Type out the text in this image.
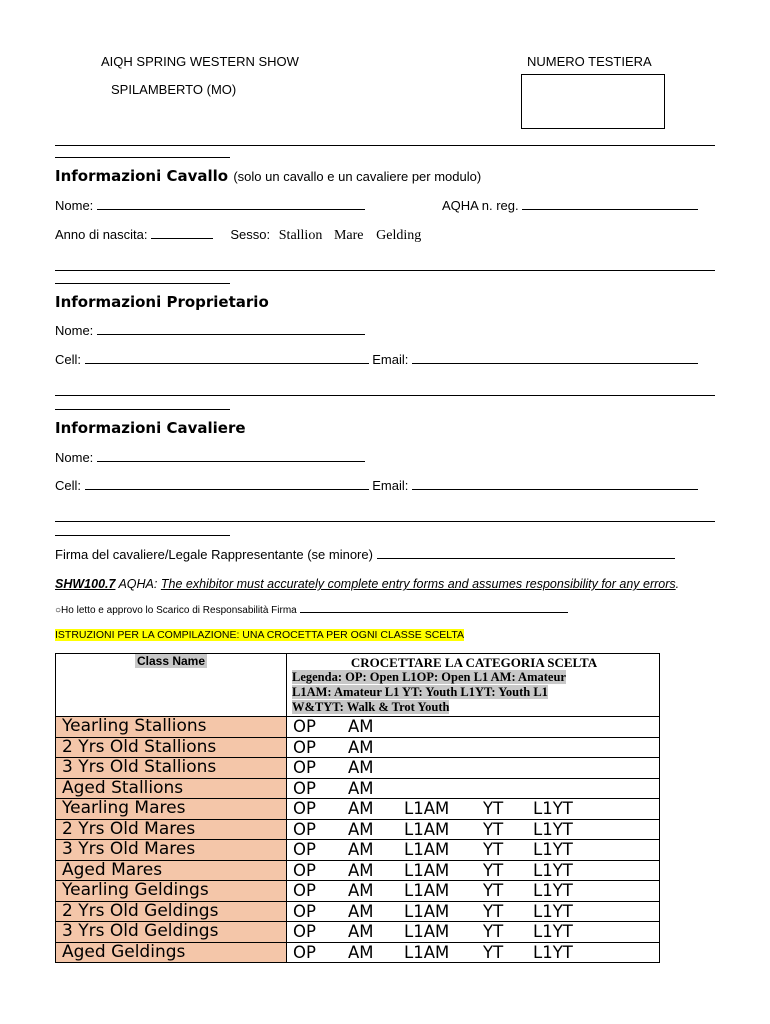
AIQH SPRING WESTERN SHOW
SPILAMBERTO (MO)
NUMERO TESTIERA
Informazioni Cavallo (solo un cavallo e un cavaliere per modulo)
Nome:	AQHA n. reg.
Anno di nascita:	Sesso: Stallion Mare Gelding
Informazioni Proprietario
Nome:
Cell:	Email:
Informazioni Cavaliere
Nome:
Cell:	Email:
Firma del cavaliere/Legale Rappresentante (se minore)
SHW100.7 AQHA: The exhibitor must accurately complete entry forms and assumes responsibility for any errors.
○Ho letto e approvo lo Scarico di Responsabilità Firma
ISTRUZIONI PER LA COMPILAZIONE: UNA CROCETTA PER OGNI CLASSE SCELTA
Class Name	CROCETTARE LA CATEGORIA SCELTA
Legenda: OP: Open L1OP: Open L1 AM: Amateur
L1AM: Amateur L1 YT: Youth L1YT: Youth L1
W&TYT: Walk & Trot Youth
Yearling Stallions	OP AM

2 Yrs Old Stallions	OP AM

3 Yrs Old Stallions	OP AM

Aged Stallions	OP AM

Yearling Mares	OP AM L1AM YT L1YT

2 Yrs Old Mares	OP AM L1AM YT L1YT

3 Yrs Old Mares	OP AM L1AM YT L1YT

Aged Mares	OP AM L1AM YT L1YT

Yearling Geldings	OP AM L1AM YT L1YT

2 Yrs Old Geldings	OP AM L1AM YT L1YT

3 Yrs Old Geldings	OP AM L1AM YT L1YT

Aged Geldings	OP AM L1AM YT L1YT
